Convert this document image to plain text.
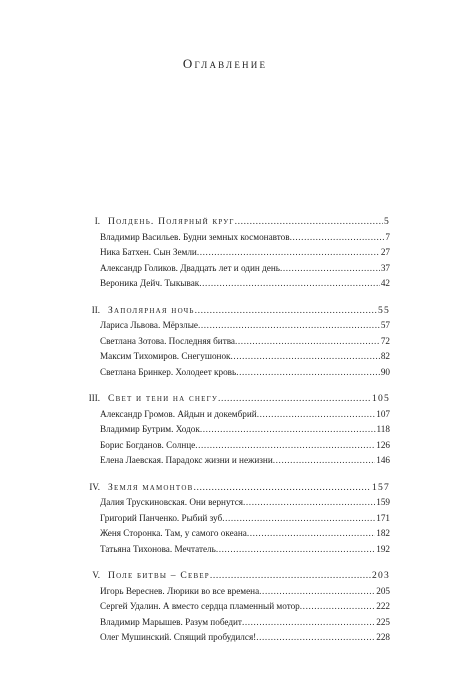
Оглавление
I. Полдень. Полярный круг .....	5
Владимир Васильев. Будни земных космонавтов .....	7
Ника Батхен. Сын Земли .....	27
Александр Голиков. Двадцать лет и один день .....	37
Вероника Дейч. Тыкывак .....	42
II. Заполярная ночь .....	55
Лариса Львова. Мёрзлые .....	57
Светлана Зотова. Последняя битва .....	72
Максим Тихомиров. Снегушонок .....	82
Светлана Бринкер. Холодеет кровь .....	90
III. Свет и тени на снегу .....	105
Александр Громов. Айдын и докембрий .....	107
Владимир Бутрим. Ходок .....	118
Борис Богданов. Солнце .....	126
Елена Лаевская. Парадокс жизни и нежизни .....	146
IV. Земля мамонтов .....	157
Далия Трускиновская. Они вернутся .....	159
Григорий Панченко. Рыбий зуб .....	171
Женя Сторонка. Там, у самого океана .....	182
Татьяна Тихонова. Мечтатель .....	192
V. Поле битвы – Север .....	203
Игорь Вереснев. Люрики во все времена .....	205
Сергей Удалин. А вместо сердца пламенный мотор .....	222
Владимир Марышев. Разум победит .....	225
Олег Мушинский. Спящий пробудился! .....	228
